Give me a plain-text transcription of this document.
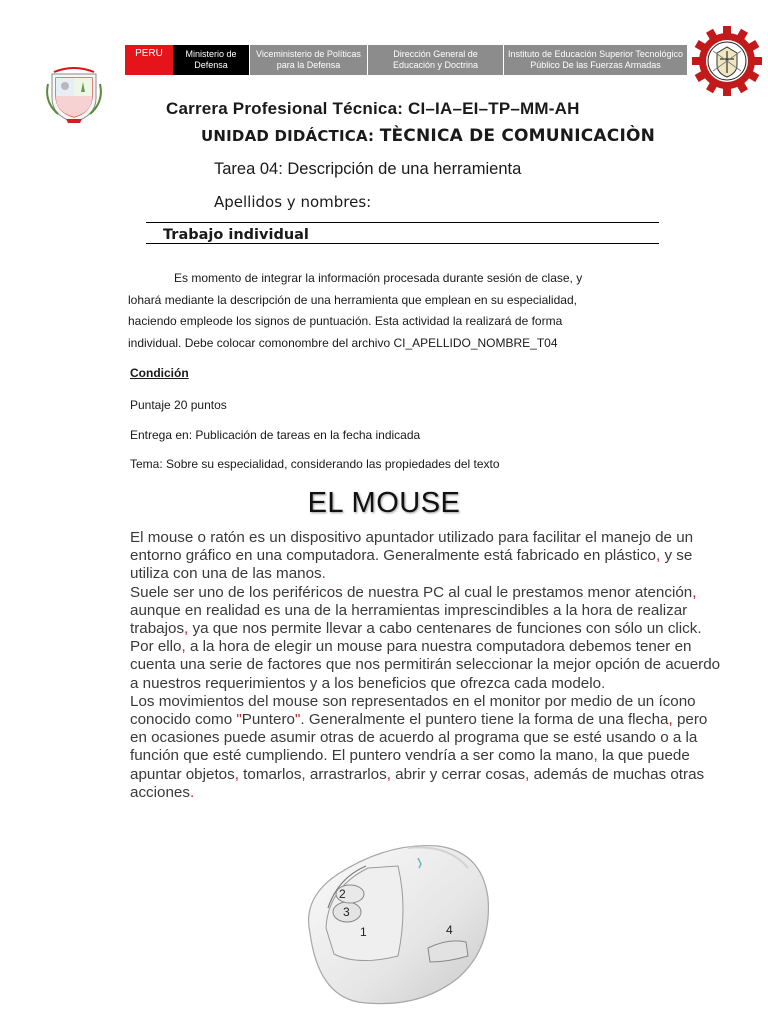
PERU	Ministerio de Defensa
Viceministerio de Políticas para la Defensa
Dirección General de Educación y Doctrina
Instituto de Educación Superior Tecnológico Público De las Fuerzas Armadas
Carrera Profesional Técnica: CI–IA–EI–TP–MM-AH
UNIDAD DIDÁCTICA: TÈCNICA DE COMUNICACIÒN
Tarea 04: Descripción de una herramienta
Apellidos y nombres:
Trabajo individual

Es momento de integrar la información procesada durante sesión de clase, y

lohará mediante la descripción de una herramienta que emplean en su especialidad,

haciendo empleode los signos de puntuación. Esta actividad la realizará de forma

individual. Debe colocar comonombre del archivo CI_APELLIDO_NOMBRE_T04

Condición
Puntaje 20 puntos
Entrega en: Publicación de tareas en la fecha indicada
Tema: Sobre su especialidad, considerando las propiedades del texto
EL MOUSE

El mouse o ratón es un dispositivo apuntador utilizado para facilitar el manejo de un entorno gráfico en una computadora. Generalmente está fabricado en plástico, y se utiliza con una de las manos.

Suele ser uno de los periféricos de nuestra PC al cual le prestamos menor atención, aunque en realidad es una de la herramientas imprescindibles a la hora de realizar trabajos, ya que nos permite llevar a cabo centenares de funciones con sólo un click. Por ello, a la hora de elegir un mouse para nuestra computadora debemos tener en cuenta una serie de factores que nos permitirán seleccionar la mejor opción de acuerdo a nuestros requerimientos y a los beneficios que ofrezca cada modelo.

Los movimientos del mouse son representados en el monitor por medio de un ícono conocido como "Puntero". Generalmente el puntero tiene la forma de una flecha, pero en ocasiones puede asumir otras de acuerdo al programa que se esté usando o a la función que esté cumpliendo. El puntero vendría a ser como la mano, la que puede apuntar objetos, tomarlos, arrastrarlos, abrir y cerrar cosas, además de muchas otras acciones.

2
3
1	4
